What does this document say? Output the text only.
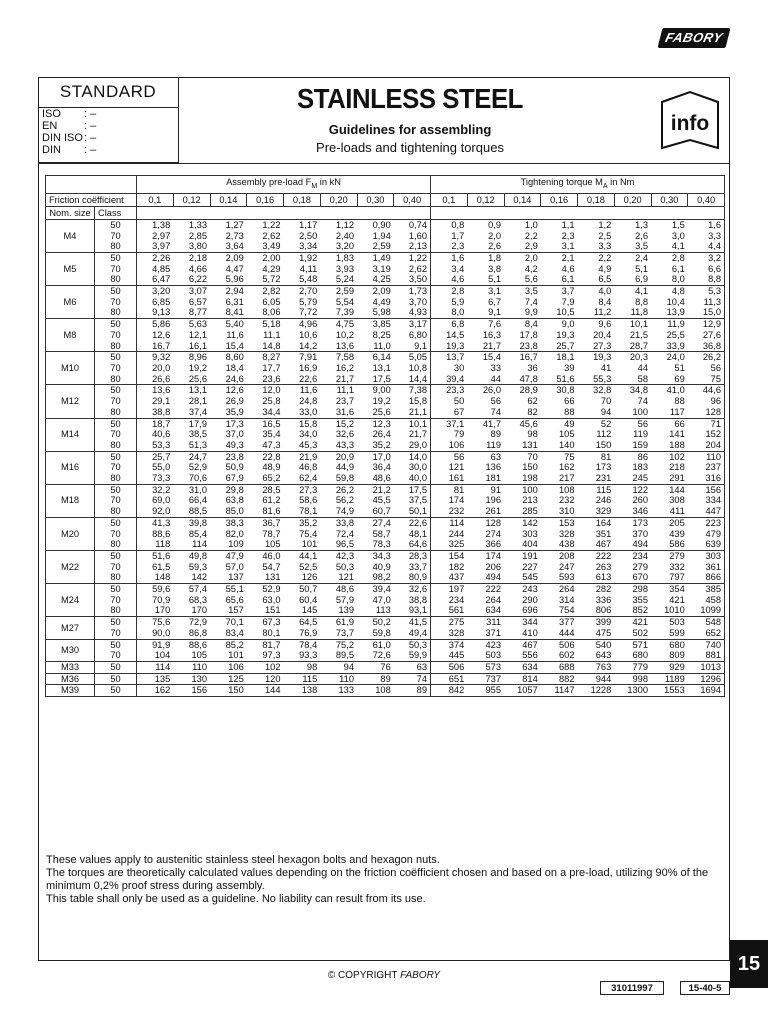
FABORY
STANDARD
ISO	: –
EN	: –
DIN ISO : –
DIN	: –
STAINLESS STEEL
Guidelines for assembling
Pre-loads and tightening torques
info
		Assembly pre-load $F_M$ in kN								Tightening torque $M_A$ in Nm							
Friction coëfficient		0,1	0,12	0,14	0,16	0,18	0,20	0,30	0,40	0,1	0,12	0,14	0,16	0,18	0,20	0,30	0,40
Nom. size	Class																
M4	50	1,38	1,33	1,27	1,22	1,17	1,12	0,90	0,74	0,8	0,9	1,0	1,1	1,2	1,3	1,5	1,6
	70	2,97	2,85	2,73	2,62	2,50	2,40	1,94	1,60	1,7	2,0	2,2	2,3	2,5	2,6	3,0	3,3
	80	3,97	3,80	3,64	3,49	3,34	3,20	2,59	2,13	2,3	2,6	2,9	3,1	3,3	3,5	4,1	4,4
M5	50	2,26	2,18	2,09	2,00	1,92	1,83	1,49	1,22	1,6	1,8	2,0	2,1	2,2	2,4	2,8	3,2
	70	4,85	4,66	4,47	4,29	4,11	3,93	3,19	2,62	3,4	3,8	4,2	4,6	4,9	5,1	6,1	6,6
	80	6,47	6,22	5,96	5,72	5,48	5,24	4,25	3,50	4,6	5,1	5,6	6,1	6,5	6,9	8,0	8,8
M6	50	3,20	3,07	2,94	2,82	2,70	2,59	2,09	1,73	2,8	3,1	3,5	3,7	4,0	4,1	4,8	5,3
	70	6,85	6,57	6,31	6,05	5,79	5,54	4,49	3,70	5,9	6,7	7,4	7,9	8,4	8,8	10,4	11,3
	80	9,13	8,77	8,41	8,06	7,72	7,39	5,98	4,93	8,0	9,1	9,9	10,5	11,2	11,8	13,9	15,0
M8	50	5,86	5,63	5,40	5,18	4,96	4,75	3,85	3,17	6,8	7,6	8,4	9,0	9,6	10,1	11,9	12,9
	70	12,6	12,1	11,6	11,1	10,6	10,2	8,25	6,80	14,5	16,3	17,8	19,3	20,4	21,5	25,5	27,6
	80	16,7	16,1	15,4	14,8	14,2	13,6	11,0	9,1	19,3	21,7	23,8	25,7	27,3	28,7	33,9	36,8
M10	50	9,32	8,96	8,60	8,27	7,91	7,58	6,14	5,05	13,7	15,4	16,7	18,1	19,3	20,3	24,0	26,2
	70	20,0	19,2	18,4	17,7	16,9	16,2	13,1	10,8	30	33	36	39	41	44	51	56
	80	26,6	25,6	24,6	23,6	22,6	21,7	17,5	14,4	39,4	44	47,8	51,6	55,3	58	69	75
M12	50	13,6	13,1	12,6	12,0	11,6	11,1	9,00	7,38	23,3	26,0	28,9	30,8	32,8	34,8	41,0	44,6
	70	29,1	28,1	26,9	25,8	24,8	23,7	19,2	15,8	50	56	62	66	70	74	88	96
	80	38,8	37,4	35,9	34,4	33,0	31,6	25,6	21,1	67	74	82	88	94	100	117	128
M14	50	18,7	17,9	17,3	16,5	15,8	15,2	12,3	10,1	37,1	41,7	45,6	49	52	56	66	71
	70	40,6	38,5	37,0	35,4	34,0	32,6	26,4	21,7	79	89	98	105	112	119	141	152
	80	53,3	51,3	49,3	47,3	45,3	43,3	35,2	29,0	106	119	131	140	150	159	188	204
M16	50	25,7	24,7	23,8	22,8	21,9	20,9	17,0	14,0	56	63	70	75	81	86	102	110
	70	55,0	52,9	50,9	48,9	46,8	44,9	36,4	30,0	121	136	150	162	173	183	218	237
	80	73,3	70,6	67,9	65,2	62,4	59,8	48,6	40,0	161	181	198	217	231	245	291	316
M18	50	32,2	31,0	29,8	28,5	27,3	26,2	21,2	17,5	81	91	100	108	115	122	144	156
	70	69,0	66,4	63,8	61,2	58,6	56,2	45,5	37,5	174	196	213	232	246	260	308	334
	80	92,0	88,5	85,0	81,6	78,1	74,9	60,7	50,1	232	261	285	310	329	346	411	447
M20	50	41,3	39,8	38,3	36,7	35,2	33,8	27,4	22,6	114	128	142	153	164	173	205	223
	70	88,6	85,4	82,0	78,7	75,4	72,4	58,7	48,1	244	274	303	328	351	370	439	479
	80	118	114	109	105	101	96,5	78,3	64,6	325	366	404	438	467	494	586	639
M22	50	51,6	49,8	47,9	46,0	44,1	42,3	34,3	28,3	154	174	191	208	222	234	279	303
	70	61,5	59,3	57,0	54,7	52,5	50,3	40,9	33,7	182	206	227	247	263	279	332	361
	80	148	142	137	131	126	121	98,2	80,9	437	494	545	593	613	670	797	866
M24	50	59,6	57,4	55,1	52,9	50,7	48,6	39,4	32,6	197	222	243	264	282	298	354	385
	70	70,9	68,3	65,6	63,0	60,4	57,9	47,0	38,8	234	264	290	314	336	355	421	458
	80	170	170	157	151	145	139	113	93,1	561	634	696	754	806	852	1010	1099
M27	50	75,6	72,9	70,1	67,3	64,5	61,9	50,2	41,5	275	311	344	377	399	421	503	548
	70	90,0	86,8	83,4	80,1	76,9	73,7	59,8	49,4	328	371	410	444	475	502	599	652
M30	50	91,9	88,6	85,2	81,7	78,4	75,2	61,0	50,3	374	423	467	506	540	571	680	740
	70	104	105	101	97,3	93,3	89,5	72,6	59,9	445	503	556	602	643	680	809	881
M33	50	114	110	106	102	98	94	76	63	506	573	634	688	763	779	929	1013
M36	50	135	130	125	120	115	110	89	74	651	737	814	882	944	998	1189	1296
M39	50	162	156	150	144	138	133	108	89	842	955	1057	1147	1228	1300	1553	1694

These values apply to austenitic stainless steel hexagon bolts and hexagon nuts.

The torques are theoretically calculated values depending on the friction coëfficient chosen and based on a pre-load, utilizing 90% of the minimum 0,2% proof stress during assembly.

This table shall only be used as a guideline. No liability can result from its use.

© COPYRIGHT FABORY
15
31011997	15-40-5
